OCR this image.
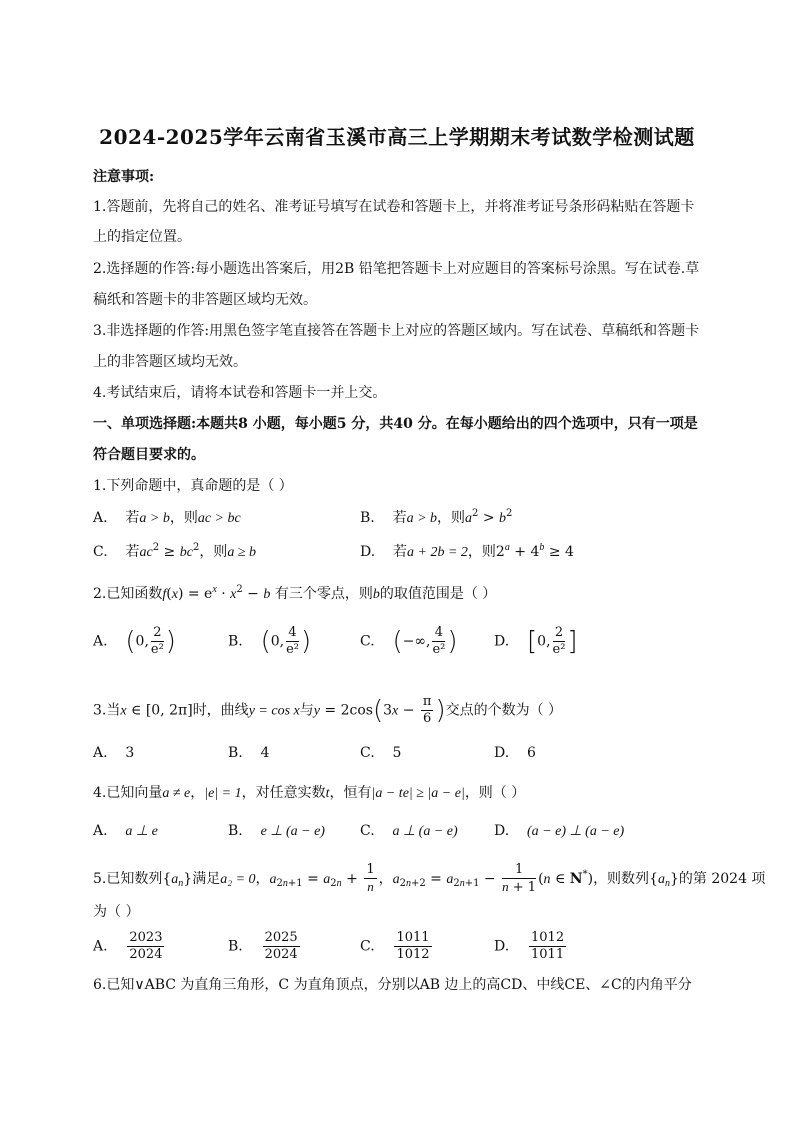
2024-2025学年云南省玉溪市高三上学期期末考试数学检测试题
注意事项:
1.答题前，先将自己的姓名、准考证号填写在试卷和答题卡上，并将准考证号条形码粘贴在答题卡
上的指定位置。
2.选择题的作答:每小题选出答案后，用2B 铅笔把答题卡上对应题目的答案标号涂黑。写在试卷.草
稿纸和答题卡的非答题区域均无效。
3.非选择题的作答:用黑色签字笔直接答在答题卡上对应的答题区域内。写在试卷、草稿纸和答题卡
上的非答题区域均无效。
4.考试结束后，请将本试卷和答题卡一并上交。
一、单项选择题:本题共8 小题，每小题5 分，共40 分。在每小题给出的四个选项中，只有一项是
符合题目要求的。
1.下列命题中，真命题的是（ ）
A. 若a > b，则ac > bc	B. 若a > b，则$a^2 > b^2$
C. 若$ac^2 \ge bc^2$，则a ≥ b	D. 若a + 2b = 2，则$2^a + 4^b \ge 4$
2.已知函数$f(x) = e^x \cdot x^2 - b$ 有三个零点，则b的取值范围是（ ）
A. (0, $\frac{2}{\text{e²}}$ )	B. (0, $\frac{4}{\text{e²}}$ )	C. (−∞, $\frac{4}{\text{e²}}$ )	D. [0, $\frac{2}{\text{e²}}$ ]
3.当x ∈ [0, 2π]时，曲线y = cos x与$y = 2\cos(3x - \frac{\pi}{6}$ )交点的个数为（ ）
A. 3	B. 4	C. 5	D. 6
4.已知向量a ≠ e，|e| = 1，对任意实数t，恒有|a − te| ≥ |a − e|，则（ ）
A. a ⊥ e	B. e ⊥ (a − e)	C. a ⊥ (a − e)	D. (a − e) ⊥ (a − e)
5.已知数列$\{a_n\}$满足a₂ = 0，$a_{2n+1} = a_{2n} + \frac{1}{n}$ ，$a_{2n+2} = a_{2n+1} - \frac{1}{n + 1} (n$ ∈ N*)，则数列$\{a_n\}$的第 2024 项
为（ ）
A. $\frac{2023}{2024}$	B. $\frac{2025}{2024}$	C. $\frac{1011}{1012}$	D. $\frac{1012}{1011}$
6.已知∨ABC 为直角三角形，C 为直角顶点，分别以AB 边上的高CD、中线CE、∠C的内角平分
